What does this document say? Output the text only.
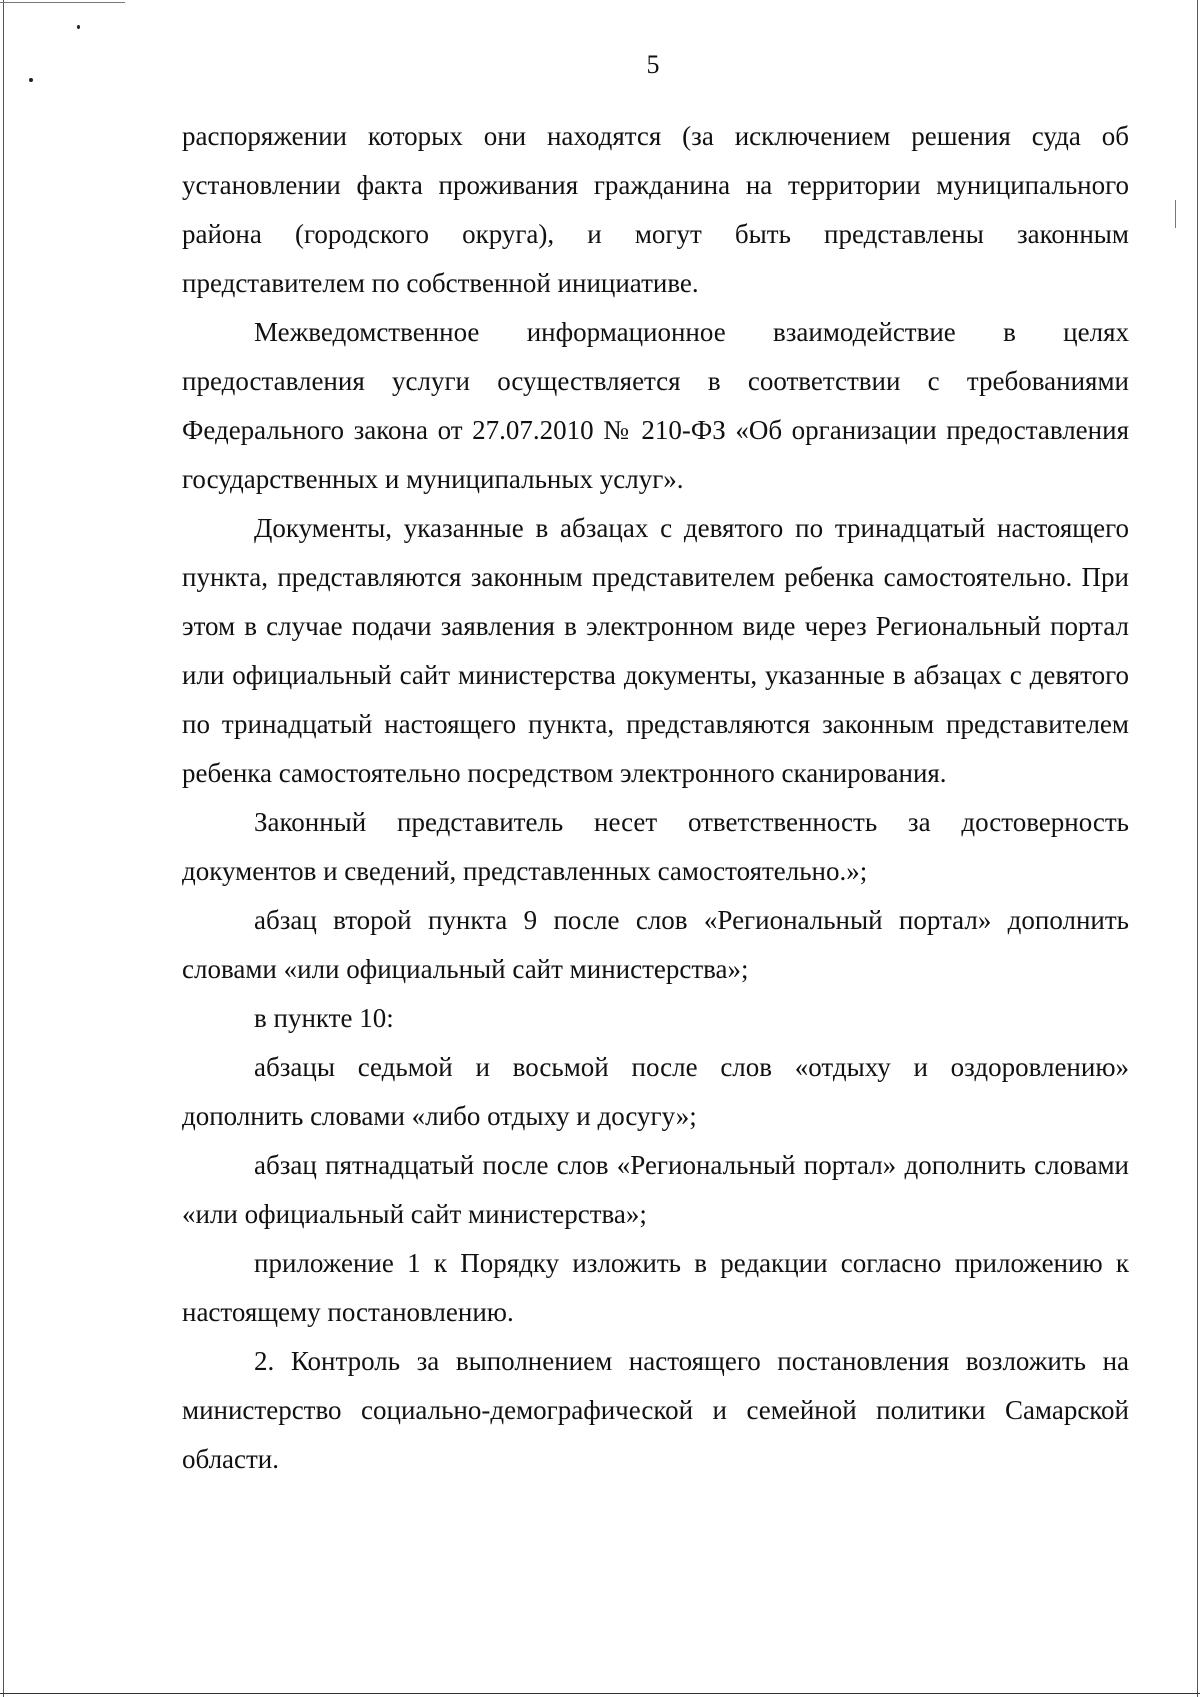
5

распоряжении которых они находятся (за исключением решения суда об установлении факта проживания гражданина на территории муниципального района (городского округа), и могут быть представлены законным представителем по собственной инициативе.

Межведомственное информационное взаимодействие в целях предоставления услуги осуществляется в соответствии с требованиями Федерального закона от 27.07.2010 № 210-ФЗ «Об организации предоставления государственных и муниципальных услуг».

Документы, указанные в абзацах с девятого по тринадцатый настоящего пункта, представляются законным представителем ребенка самостоятельно. При этом в случае подачи заявления в электронном виде через Региональный портал или официальный сайт министерства документы, указанные в абзацах с девятого по тринадцатый настоящего пункта, представляются законным представителем ребенка самостоятельно посредством электронного сканирования.

Законный представитель несет ответственность за достоверность документов и сведений, представленных самостоятельно.»;

абзац второй пункта 9 после слов «Региональный портал» дополнить словами «или официальный сайт министерства»;

в пункте 10:

абзацы седьмой и восьмой после слов «отдыху и оздоровлению» дополнить словами «либо отдыху и досугу»;

абзац пятнадцатый после слов «Региональный портал» дополнить словами «или официальный сайт министерства»;

приложение 1 к Порядку изложить в редакции согласно приложению к настоящему постановлению.

2. Контроль за выполнением настоящего постановления возложить на министерство социально-демографической и семейной политики Самарской области.
